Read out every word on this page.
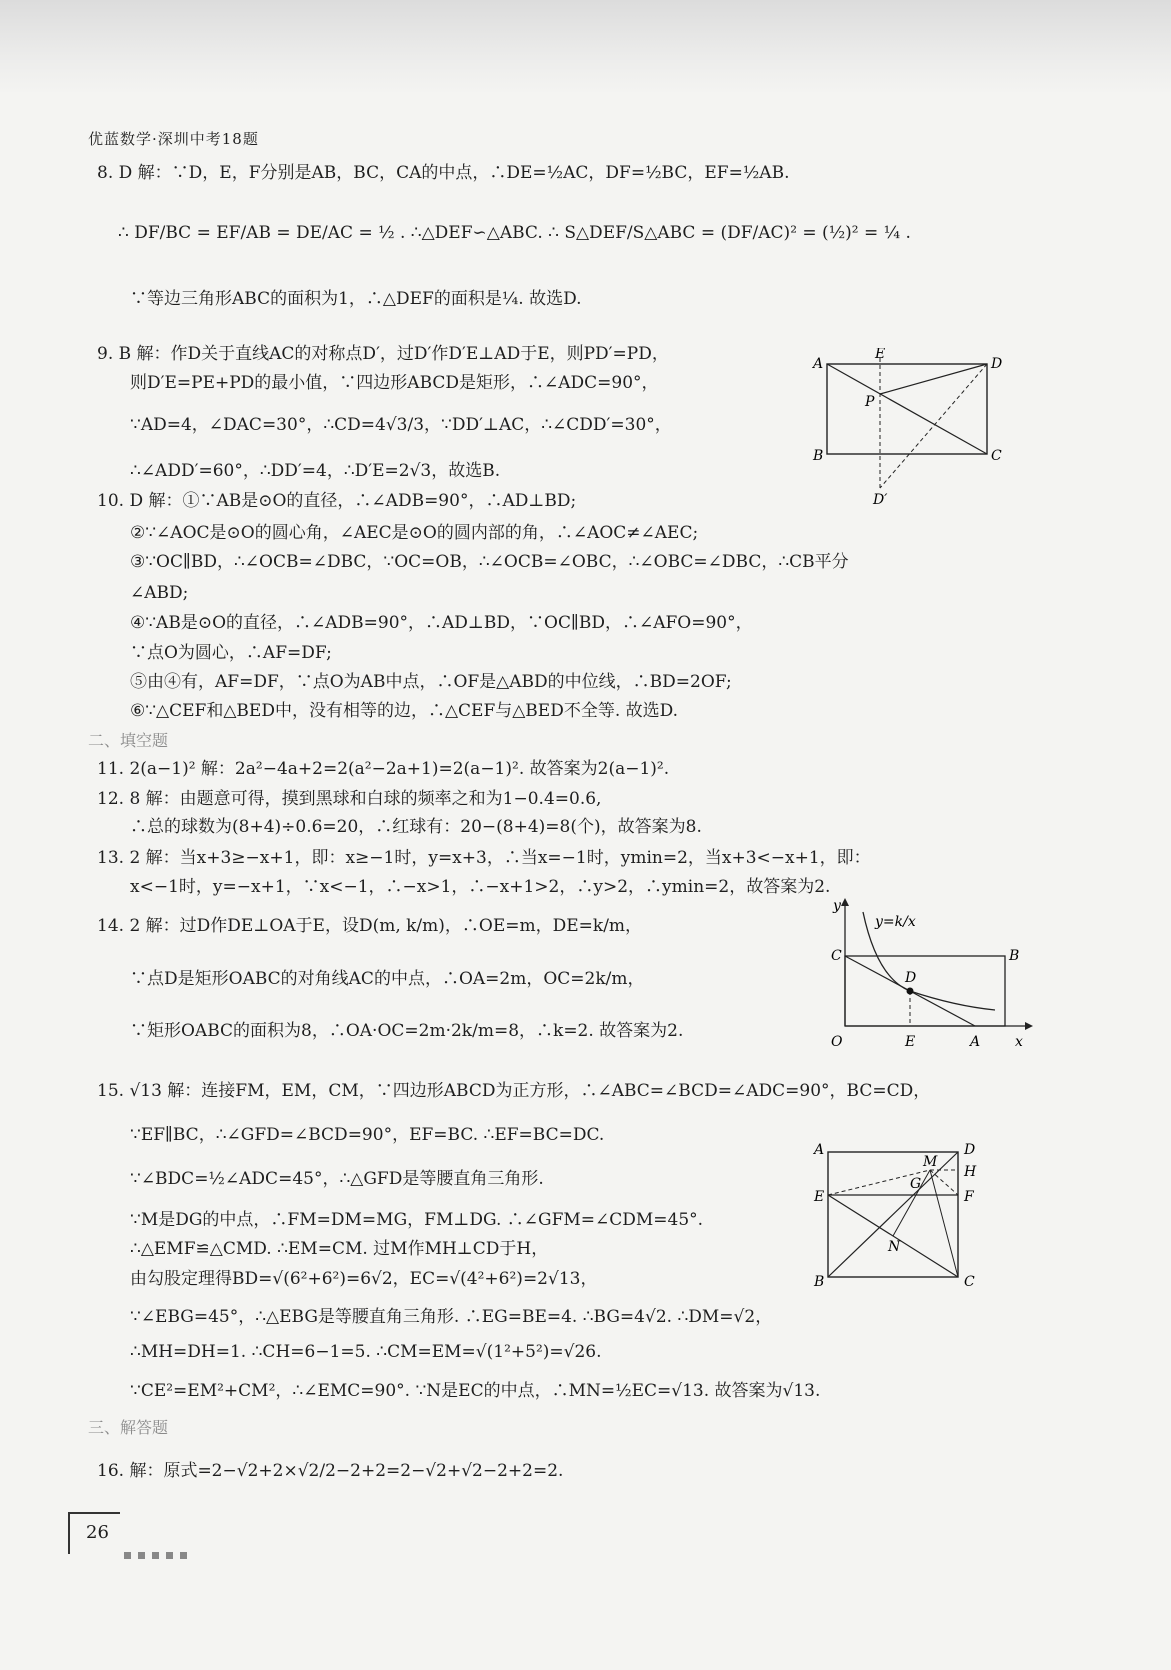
优蓝数学·深圳中考18题
8. D 解：∵D，E，F分别是AB，BC，CA的中点，∴DE=½AC，DF=½BC，EF=½AB.
∴ DF/BC = EF/AB = DE/AC = ½ . ∴△DEF∽△ABC. ∴ S△DEF/S△ABC = (DF/AC)² = (½)² = ¼ .
∵等边三角形ABC的面积为1，∴△DEF的面积是¼. 故选D.
9. B 解：作D关于直线AC的对称点D′，过D′作D′E⊥AD于E，则PD′=PD，
则D′E=PE+PD的最小值，∵四边形ABCD是矩形，∴∠ADC=90°，
∵AD=4，∠DAC=30°，∴CD=4√3/3，∵DD′⊥AC，∴∠CDD′=30°，
∴∠ADD′=60°，∴DD′=4，∴D′E=2√3，故选B.
A	D
B	C
E
P
D′
10. D 解：①∵AB是⊙O的直径，∴∠ADB=90°，∴AD⊥BD;
②∵∠AOC是⊙O的圆心角，∠AEC是⊙O的圆内部的角，∴∠AOC≠∠AEC;
③∵OC∥BD，∴∠OCB=∠DBC，∵OC=OB，∴∠OCB=∠OBC，∴∠OBC=∠DBC，∴CB平分
∠ABD;
④∵AB是⊙O的直径，∴∠ADB=90°，∴AD⊥BD，∵OC∥BD，∴∠AFO=90°，
∵点O为圆心，∴AF=DF;
⑤由④有，AF=DF，∵点O为AB中点，∴OF是△ABD的中位线，∴BD=2OF;
⑥∵△CEF和△BED中，没有相等的边，∴△CEF与△BED不全等. 故选D.
二、填空题
11. 2(a−1)² 解：2a²−4a+2=2(a²−2a+1)=2(a−1)². 故答案为2(a−1)².
12. 8 解：由题意可得，摸到黑球和白球的频率之和为1−0.4=0.6,
∴总的球数为(8+4)÷0.6=20，∴红球有：20−(8+4)=8(个)，故答案为8.
13. 2 解：当x+3≥−x+1，即：x≥−1时，y=x+3，∴当x=−1时，ymin=2，当x+3<−x+1，即：
x<−1时，y=−x+1，∵x<−1，∴−x>1，∴−x+1>2，∴y>2，∴ymin=2，故答案为2.
14. 2 解：过D作DE⊥OA于E，设D(m, k/m)，∴OE=m，DE=k/m，
∵点D是矩形OABC的对角线AC的中点，∴OA=2m，OC=2k/m，
∵矩形OABC的面积为8，∴OA·OC=2m·2k/m=8，∴k=2. 故答案为2.
y
x
O	A
E
C	B
D
y=k/x
15. √13 解：连接FM，EM，CM，∵四边形ABCD为正方形，∴∠ABC=∠BCD=∠ADC=90°，BC=CD，
∵EF∥BC，∴∠GFD=∠BCD=90°，EF=BC. ∴EF=BC=DC.
∵∠BDC=½∠ADC=45°，∴△GFD是等腰直角三角形.
∵M是DG的中点，∴FM=DM=MG，FM⊥DG. ∴∠GFM=∠CDM=45°.
∴△EMF≌△CMD. ∴EM=CM. 过M作MH⊥CD于H，
由勾股定理得BD=√(6²+6²)=6√2，EC=√(4²+6²)=2√13，
∵∠EBG=45°，∴△EBG是等腰直角三角形. ∴EG=BE=4. ∴BG=4√2. ∴DM=√2，
∴MH=DH=1. ∴CH=6−1=5. ∴CM=EM=√(1²+5²)=√26.
∵CE²=EM²+CM²，∴∠EMC=90°. ∵N是EC的中点，∴MN=½EC=√13. 故答案为√13.
A	D
H
F
E
B	C
M
G
N
三、解答题
16. 解：原式=2−√2+2×√2/2−2+2=2−√2+√2−2+2=2.
26
